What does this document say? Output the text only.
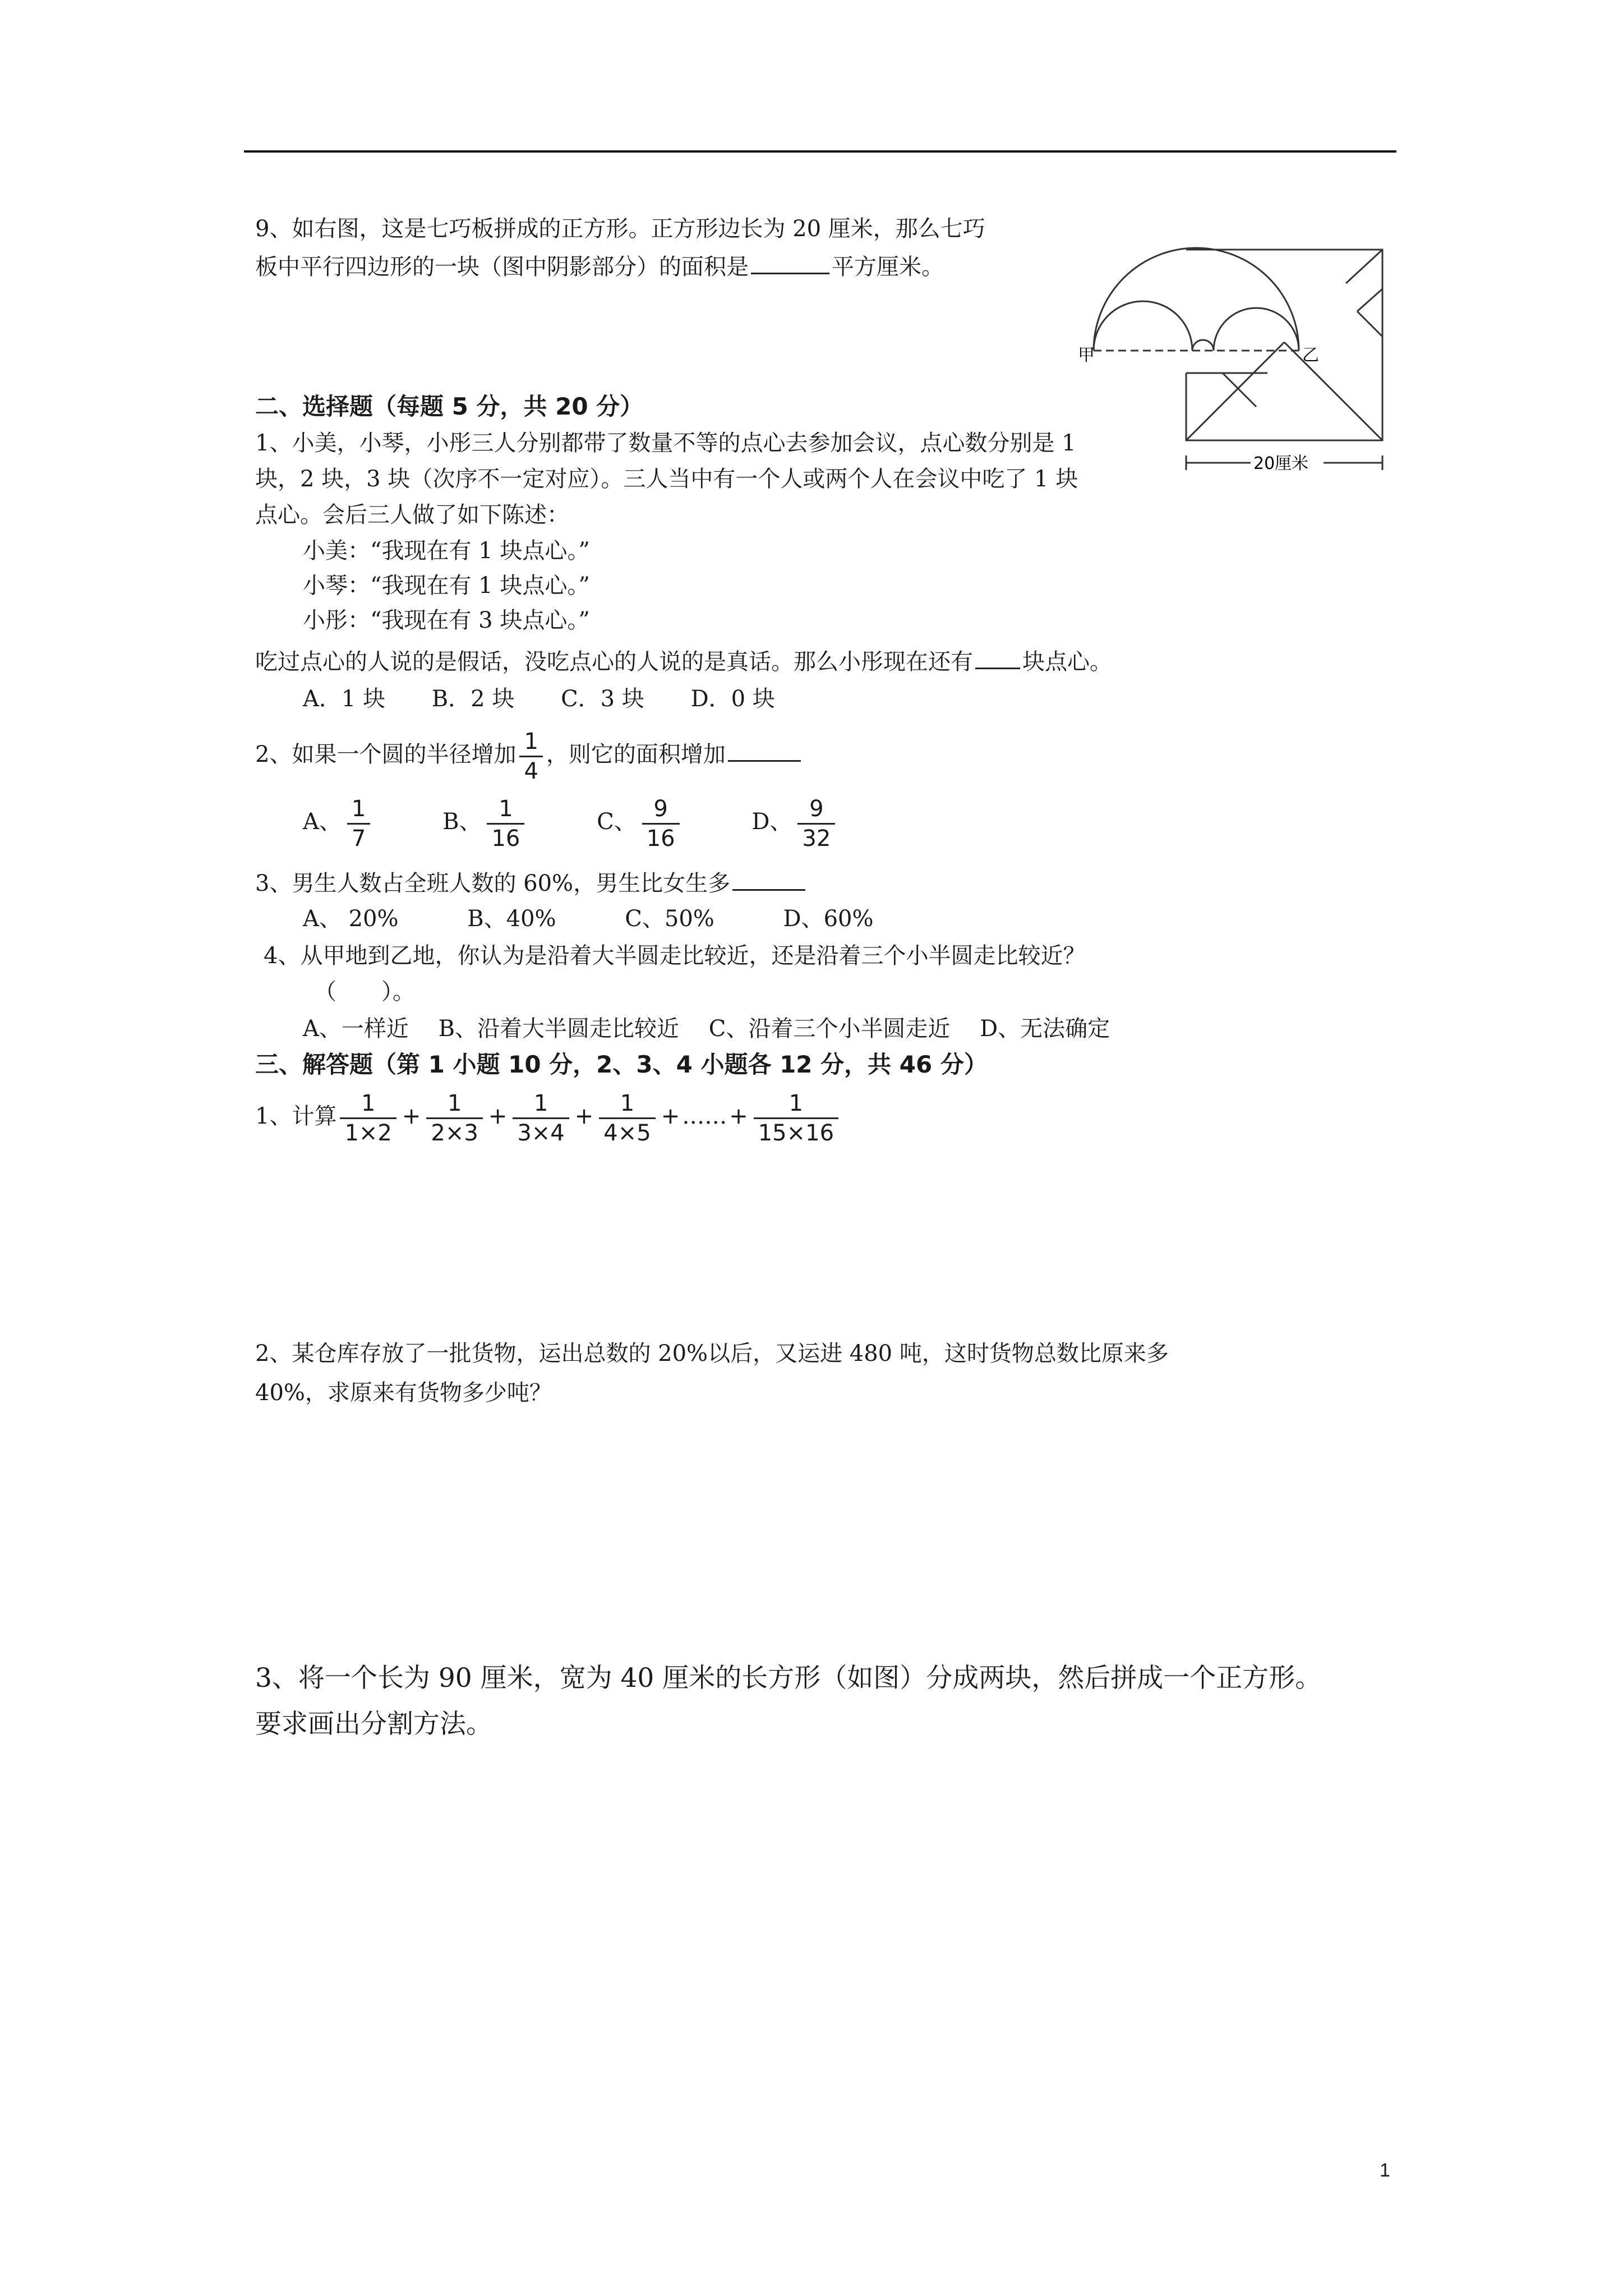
9、如右图，这是七巧板拼成的正方形。正方形边长为 20 厘米，那么七巧
板中平行四边形的一块（图中阴影部分）的面积是	平方厘米。
甲	乙
20厘米
二、选择题（每题 5 分，共 20 分）
1、小美，小琴，小彤三人分别都带了数量不等的点心去参加会议，点心数分别是 1
块，2 块，3 块（次序不一定对应）。三人当中有一个人或两个人在会议中吃了 1 块
点心。会后三人做了如下陈述：
小美：“我现在有 1 块点心。”
小琴：“我现在有 1 块点心。”
小彤：“我现在有 3 块点心。”
吃过点心的人说的是假话，没吃点心的人说的是真话。那么小彤现在还有 块点心。
A．1 块 B．2 块 C．3 块 D．0 块
2、如果一个圆的半径增加 $\frac{1}{4}$ ，则它的面积增加
A、 $\frac{1}{7}$	B、 $\frac{1}{16}$	C、 $\frac{9}{16}$	D、 $\frac{9}{32}$
3、男生人数占全班人数的 60%，男生比女生多
A、 20%	B、40%	C、50%	D、60%
4、从甲地到乙地，你认为是沿着大半圆走比较近，还是沿着三个小半圆走比较近？
（　　）。
A、一样近 B、沿着大半圆走比较近 C、沿着三个小半圆走近 D、无法确定
三、解答题（第 1 小题 10 分，2、3、4 小题各 12 分，共 46 分）
1、计算 $\frac{1}{1\times 2} + \frac{1}{2\times 3} + \frac{1}{3\times 4} + \frac{1}{4\times 5}$ + …… + $\frac{1}{15\times 16}$
2、某仓库存放了一批货物，运出总数的 20%以后，又运进 480 吨，这时货物总数比原来多
40%，求原来有货物多少吨？
3、将一个长为 90 厘米，宽为 40 厘米的长方形（如图）分成两块，然后拼成一个正方形。
要求画出分割方法。
1
